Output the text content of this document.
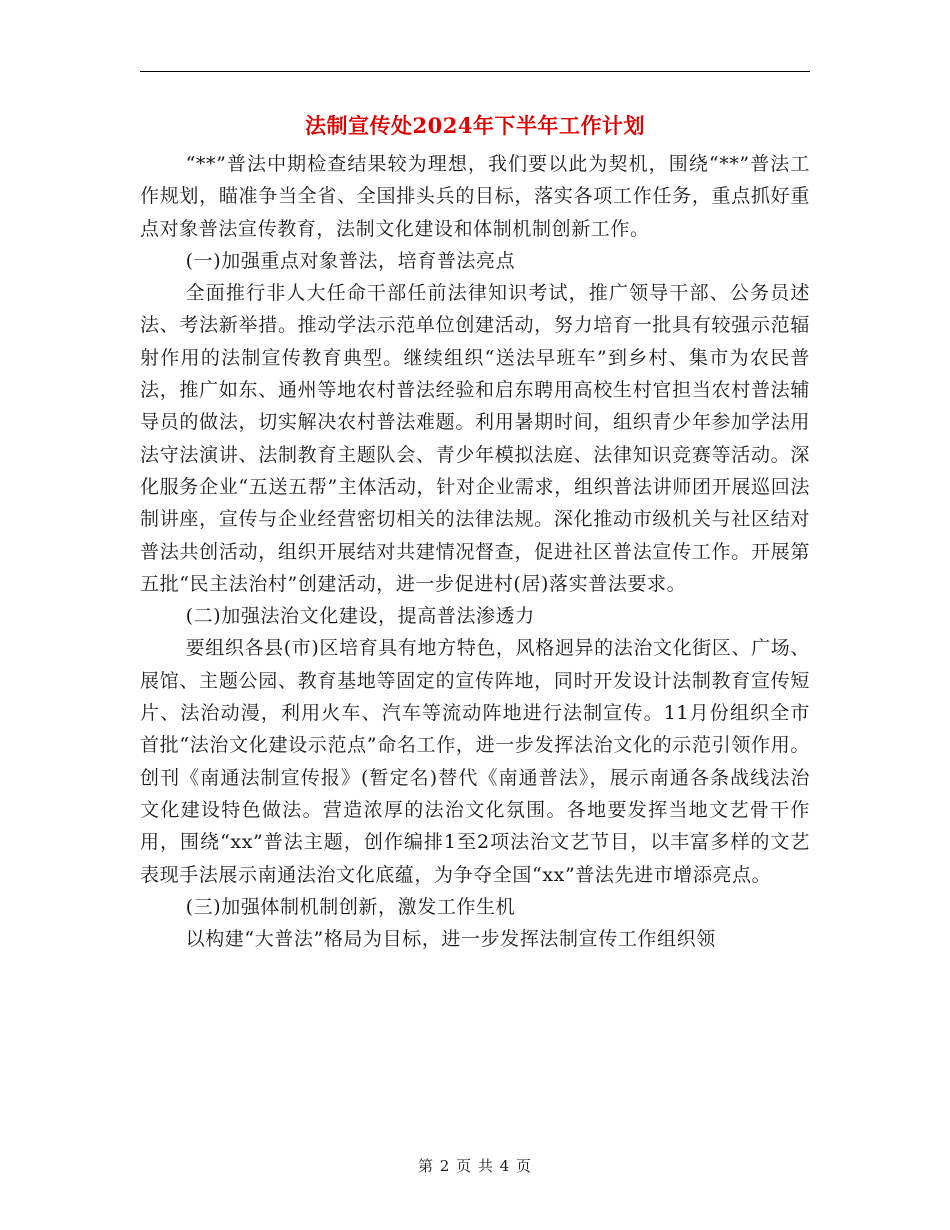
法制宣传处2024年下半年工作计划

“**”普法中期检查结果较为理想，我们要以此为契机，围绕“**”普法工作规划，瞄准争当全省、全国排头兵的目标，落实各项工作任务，重点抓好重点对象普法宣传教育，法制文化建设和体制机制创新工作。

(一)加强重点对象普法，培育普法亮点

全面推行非人大任命干部任前法律知识考试，推广领导干部、公务员述法、考法新举措。推动学法示范单位创建活动，努力培育一批具有较强示范辐射作用的法制宣传教育典型。继续组织“送法早班车”到乡村、集市为农民普法，推广如东、通州等地农村普法经验和启东聘用高校生村官担当农村普法辅导员的做法，切实解决农村普法难题。利用暑期时间，组织青少年参加学法用法守法演讲、法制教育主题队会、青少年模拟法庭、法律知识竞赛等活动。深化服务企业“五送五帮”主体活动，针对企业需求，组织普法讲师团开展巡回法制讲座，宣传与企业经营密切相关的法律法规。深化推动市级机关与社区结对普法共创活动，组织开展结对共建情况督查，促进社区普法宣传工作。开展第五批“民主法治村”创建活动，进一步促进村(居)落实普法要求。

(二)加强法治文化建设，提高普法渗透力

要组织各县(市)区培育具有地方特色，风格迥异的法治文化街区、广场、展馆、主题公园、教育基地等固定的宣传阵地，同时开发设计法制教育宣传短片、法治动漫，利用火车、汽车等流动阵地进行法制宣传。11月份组织全市首批“法治文化建设示范点”命名工作，进一步发挥法治文化的示范引领作用。创刊《南通法制宣传报》(暂定名)替代《南通普法》，展示南通各条战线法治文化建设特色做法。营造浓厚的法治文化氛围。各地要发挥当地文艺骨干作用，围绕“xx”普法主题，创作编排1至2项法治文艺节目，以丰富多样的文艺表现手法展示南通法治文化底蕴，为争夺全国“xx”普法先进市增添亮点。

(三)加强体制机制创新，激发工作生机

以构建“大普法”格局为目标，进一步发挥法制宣传工作组织领

第 2 页 共 4 页
